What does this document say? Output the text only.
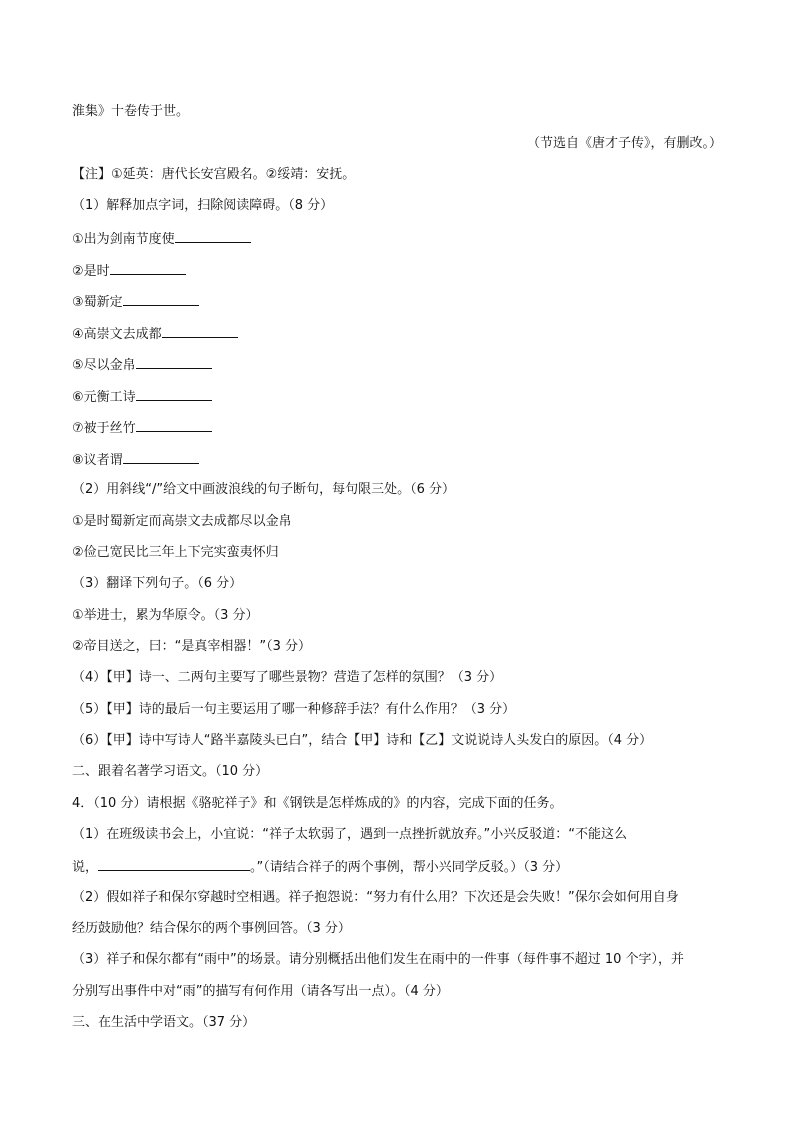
淮集》十卷传于世。
（节选自《唐才子传》，有删改。）
【注】①延英：唐代长安宫殿名。②绥靖：安抚。
（1）解释加点字词，扫除阅读障碍。（8 分）
①出为剑南节度使
②是时
③蜀新定
④高崇文去成都
⑤尽以金帛
⑥元衡工诗
⑦被于丝竹
⑧议者谓
（2）用斜线“/”给文中画波浪线的句子断句，每句限三处。（6 分）
①是时蜀新定而高崇文去成都尽以金帛
②俭己宽民比三年上下完实蛮夷怀归
（3）翻译下列句子。（6 分）
①举进士，累为华原令。（3 分）
②帝目送之，曰：“是真宰相器！”（3 分）
（4）【甲】诗一、二两句主要写了哪些景物？营造了怎样的氛围？（3 分）
（5）【甲】诗的最后一句主要运用了哪一种修辞手法？有什么作用？（3 分）
（6）【甲】诗中写诗人“路半嘉陵头已白”，结合【甲】诗和【乙】文说说诗人头发白的原因。（4 分）
二、跟着名著学习语文。（10 分）
4．（10 分）请根据《骆驼祥子》和《钢铁是怎样炼成的》的内容，完成下面的任务。
（1）在班级读书会上，小宜说：“祥子太软弱了，遇到一点挫折就放弃。”小兴反驳道：“不能这么
说，	。”（请结合祥子的两个事例，帮小兴同学反驳。）（3 分）
（2）假如祥子和保尔穿越时空相遇。祥子抱怨说：“努力有什么用？下次还是会失败！”保尔会如何用自身
经历鼓励他？结合保尔的两个事例回答。（3 分）
（3）祥子和保尔都有“雨中”的场景。请分别概括出他们发生在雨中的一件事（每件事不超过 10 个字），并
分别写出事件中对“雨”的描写有何作用（请各写出一点）。（4 分）
三、在生活中学语文。（37 分）
